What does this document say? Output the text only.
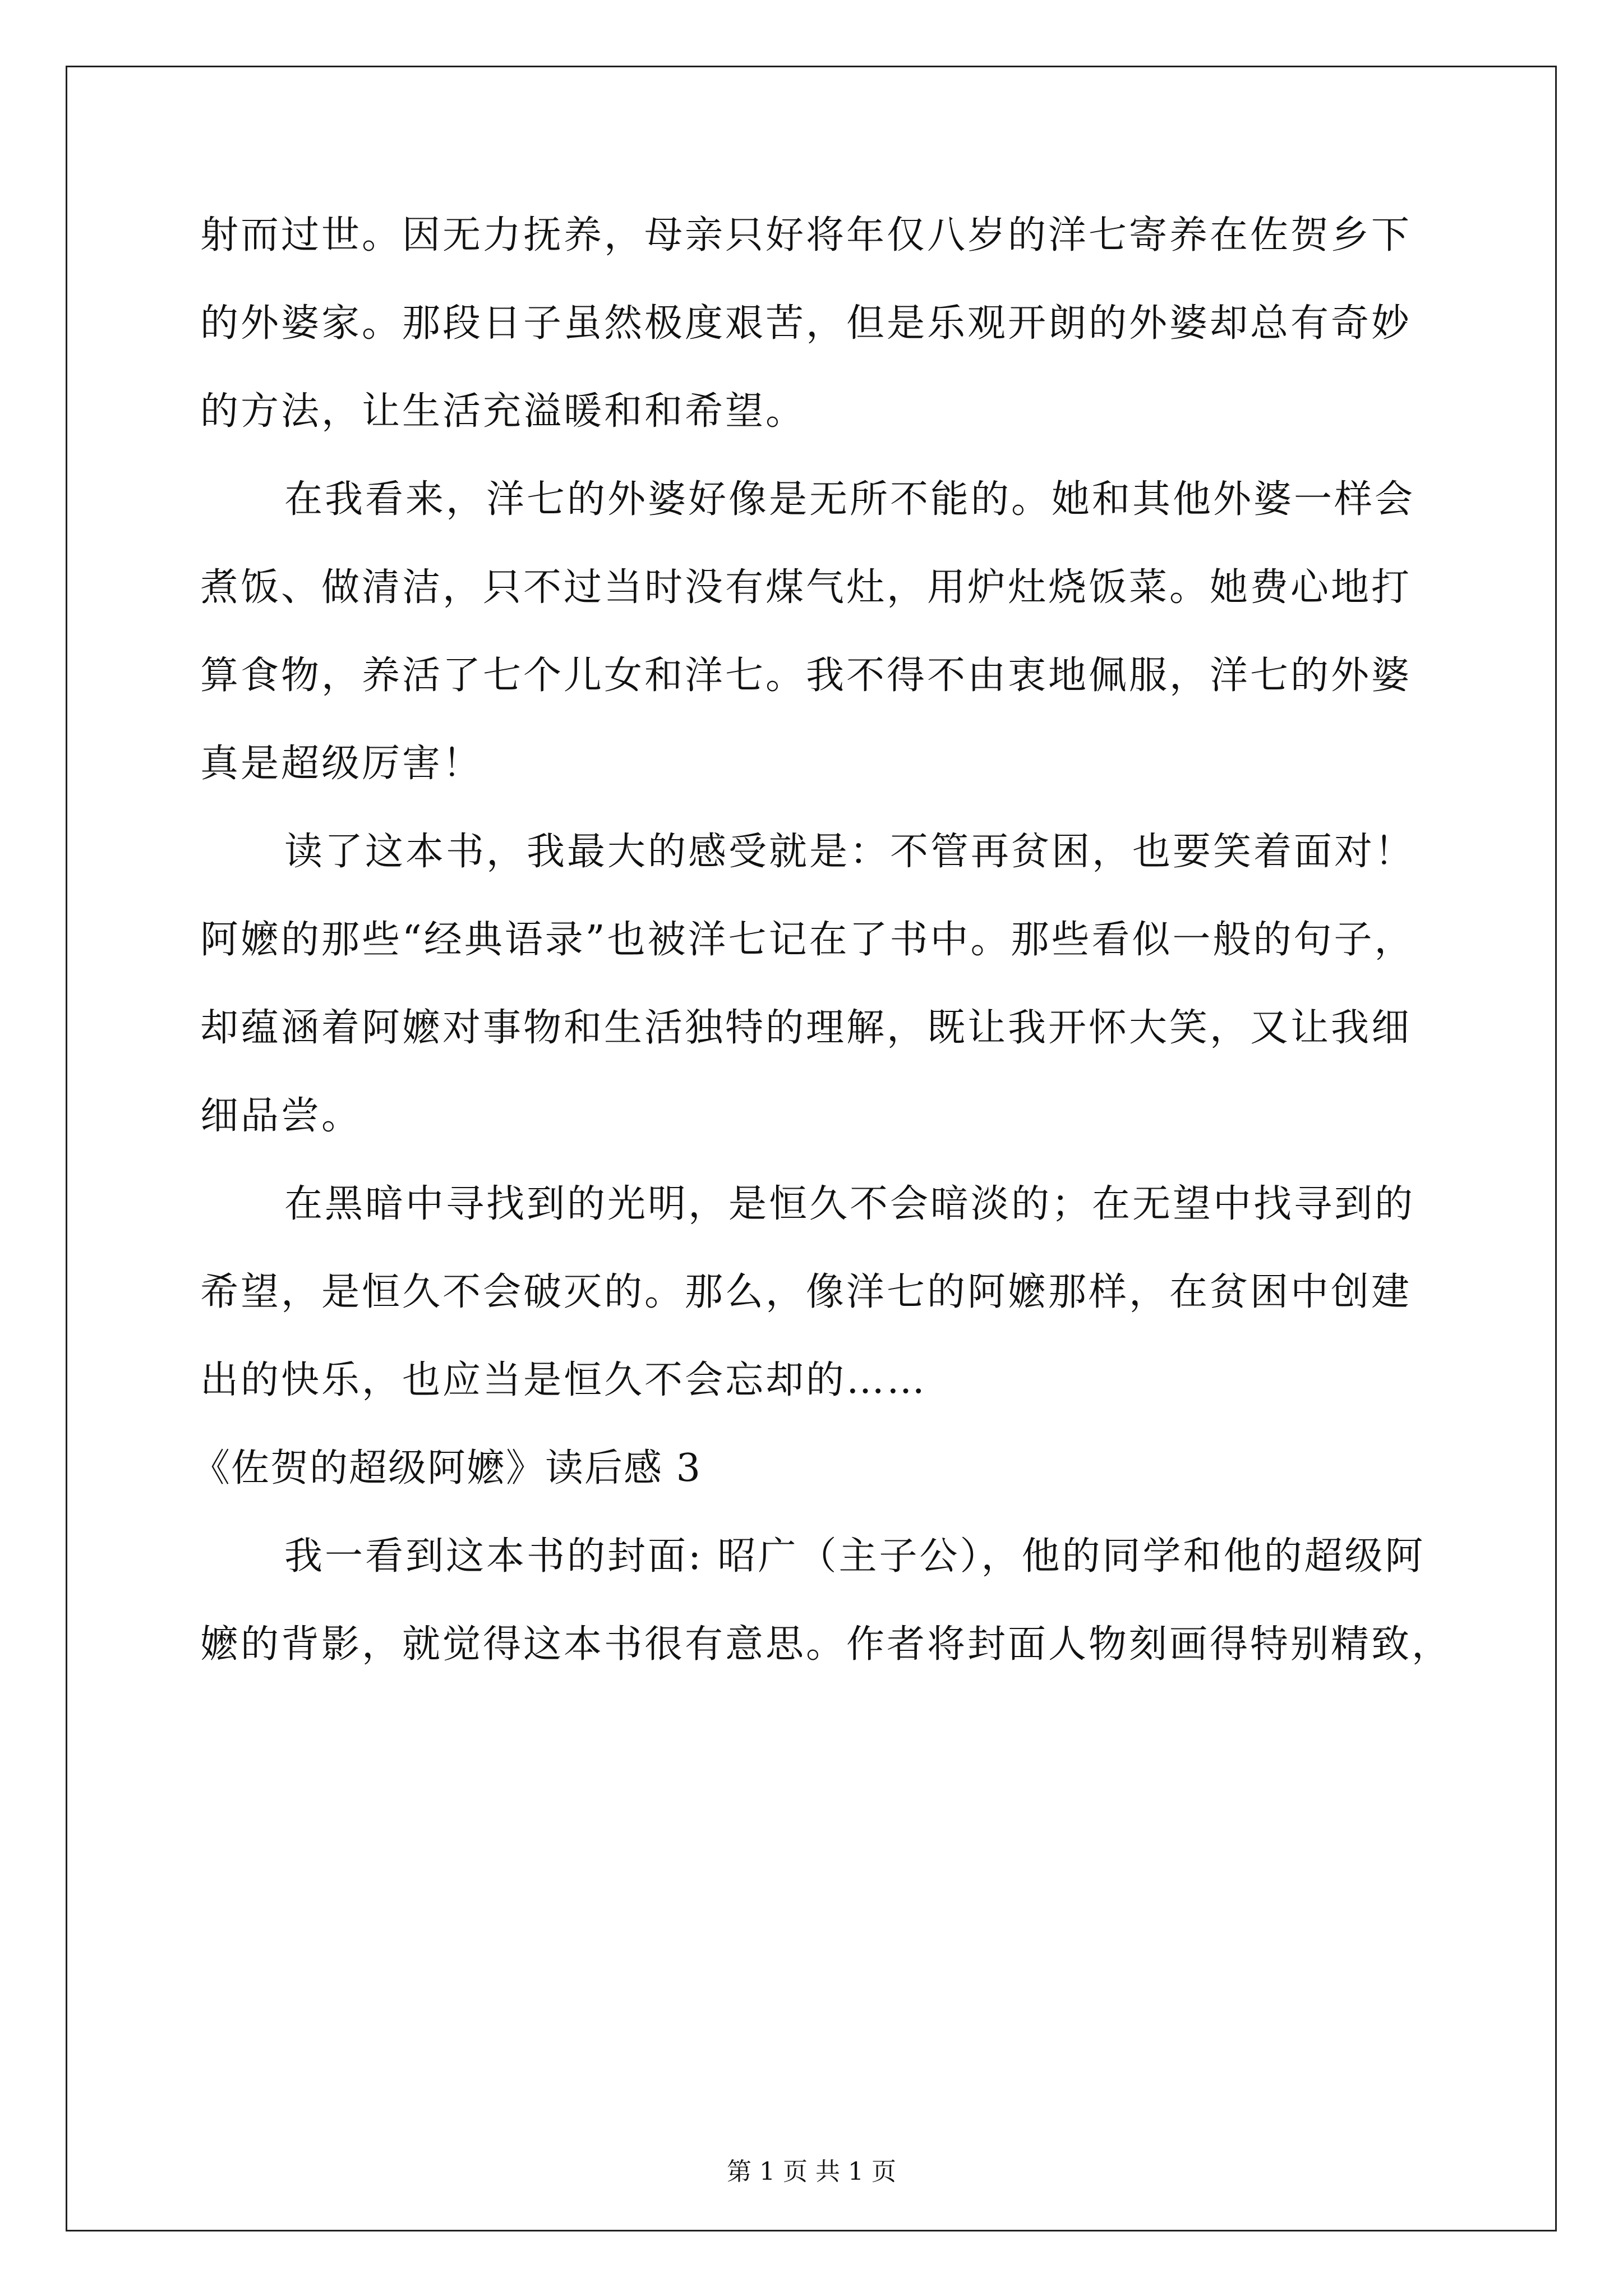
射而过世。因无力抚养，母亲只好将年仅八岁的洋七寄养在佐贺乡下
的外婆家。那段日子虽然极度艰苦，但是乐观开朗的外婆却总有奇妙
的方法，让生活充溢暖和和希望。
在我看来，洋七的外婆好像是无所不能的。她和其他外婆一样会
煮饭、做清洁，只不过当时没有煤气灶，用炉灶烧饭菜。她费心地打
算食物，养活了七个儿女和洋七。我不得不由衷地佩服，洋七的外婆
真是超级厉害！
读了这本书，我最大的感受就是：不管再贫困，也要笑着面对！
阿嬷的那些“经典语录”也被洋七记在了书中。那些看似一般的句子，
却蕴涵着阿嬷对事物和生活独特的理解，既让我开怀大笑，又让我细
细品尝。
在黑暗中寻找到的光明，是恒久不会暗淡的；在无望中找寻到的
希望，是恒久不会破灭的。那么，像洋七的阿嬷那样，在贫困中创建
出的快乐，也应当是恒久不会忘却的……
《佐贺的超级阿嬷》读后感 3
我一看到这本书的封面: 昭广（主子公），他的同学和他的超级阿
嬷的背影，就觉得这本书很有意思。作者将封面人物刻画得特别精致，
第 1 页 共 1 页
